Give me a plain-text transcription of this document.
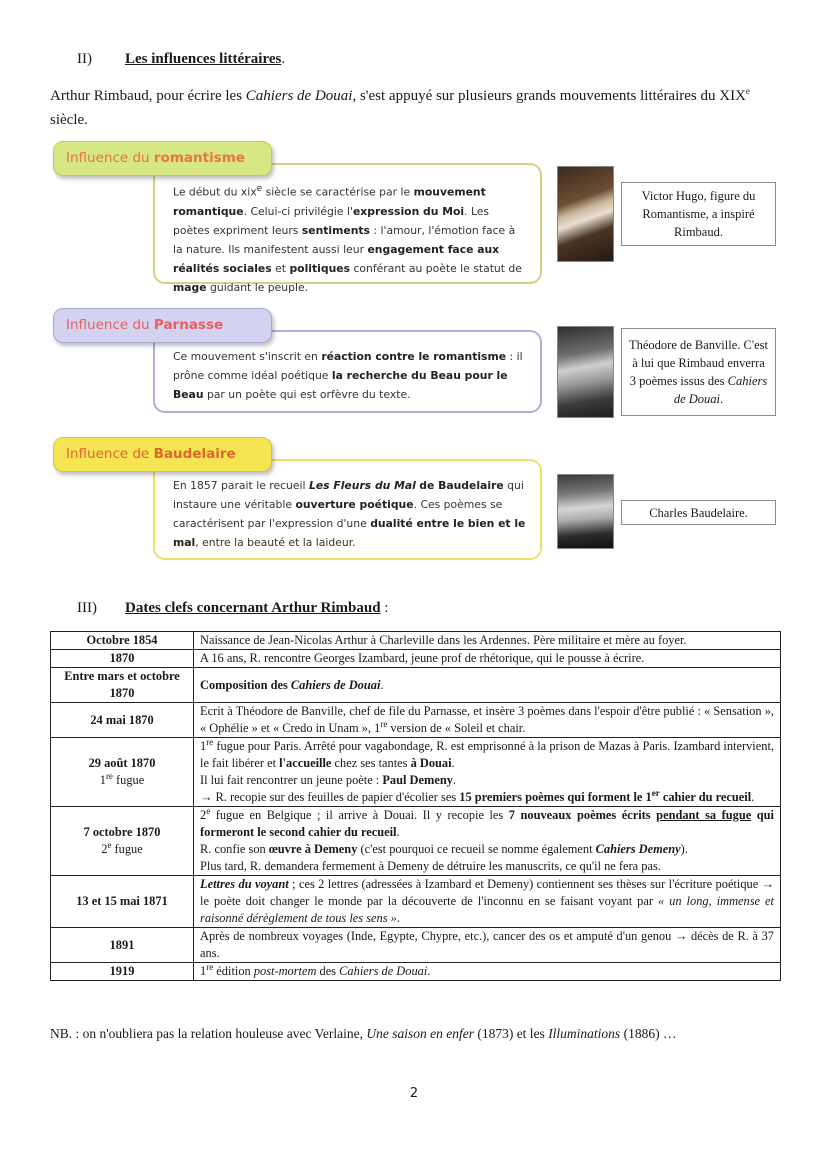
II) Les influences littéraires.
Arthur Rimbaud, pour écrire les Cahiers de Douai, s'est appuyé sur plusieurs grands mouvements littéraires du XIXe siècle.
Influence du romantisme
Le début du xix$^e$ siècle se caractérise par le mouvement romantique. Celui-ci privilégie l'expression du Moi. Les poètes expriment leurs sentiments : l'amour, l'émotion face à la nature. Ils manifestent aussi leur engagement face aux réalités sociales et politiques conférant au poète le statut de mage guidant le peuple.
Victor Hugo, figure du Romantisme, a inspiré Rimbaud.
Influence du Parnasse
Ce mouvement s'inscrit en réaction contre le romantisme : il prône comme idéal poétique la recherche du Beau pour le Beau par un poète qui est orfèvre du texte.
Théodore de Banville. C'est à lui que Rimbaud enverra 3 poèmes issus des Cahiers de Douai.
Influence de Baudelaire
En 1857 parait le recueil Les Fleurs du Mal de Baudelaire qui instaure une véritable ouverture poétique. Ces poèmes se caractérisent par l'expression d'une dualité entre le bien et le mal, entre la beauté et la laideur.
Charles Baudelaire.
III) Dates clefs concernant Arthur Rimbaud :
Octobre 1854	Naissance de Jean-Nicolas Arthur à Charleville dans les Ardennes. Père militaire et mère au foyer.
1870	A 16 ans, R. rencontre Georges Izambard, jeune prof de rhétorique, qui le pousse à écrire.
Entre mars et octobre 1870	Composition des Cahiers de Douai.
24 mai 1870	Ecrit à Théodore de Banville, chef de file du Parnasse, et insère 3 poèmes dans l'espoir d'être publié : « Sensation », « Ophélie » et « Credo in Unam », 1re version de « Soleil et chair.
29 août 1870
1re fugue	1re fugue pour Paris. Arrêté pour vagabondage, R. est emprisonné à la prison de Mazas à Paris. Izambard intervient, le fait libérer et l'accueille chez ses tantes à Douai.
Il lui fait rencontrer un jeune poète : Paul Demeny.
→ R. recopie sur des feuilles de papier d'écolier ses 15 premiers poèmes qui forment le 1er cahier du recueil.
7 octobre 1870
2e fugue	2e fugue en Belgique ; il arrive à Douai. Il y recopie les 7 nouveaux poèmes écrits pendant sa fugue qui formeront le second cahier du recueil.
R. confie son œuvre à Demeny (c'est pourquoi ce recueil se nomme également Cahiers Demeny).
Plus tard, R. demandera fermement à Demeny de détruire les manuscrits, ce qu'il ne fera pas.
13 et 15 mai 1871	Lettres du voyant ; ces 2 lettres (adressées à Izambard et Demeny) contiennent ses thèses sur l'écriture poétique → le poète doit changer le monde par la découverte de l'inconnu en se faisant voyant par « un long, immense et raisonné dérèglement de tous les sens ».
1891	Après de nombreux voyages (Inde, Egypte, Chypre, etc.), cancer des os et amputé d'un genou → décès de R. à 37 ans.
1919	1re édition post-mortem des Cahiers de Douai.
NB. : on n'oubliera pas la relation houleuse avec Verlaine, Une saison en enfer (1873) et les Illuminations (1886) …
2
